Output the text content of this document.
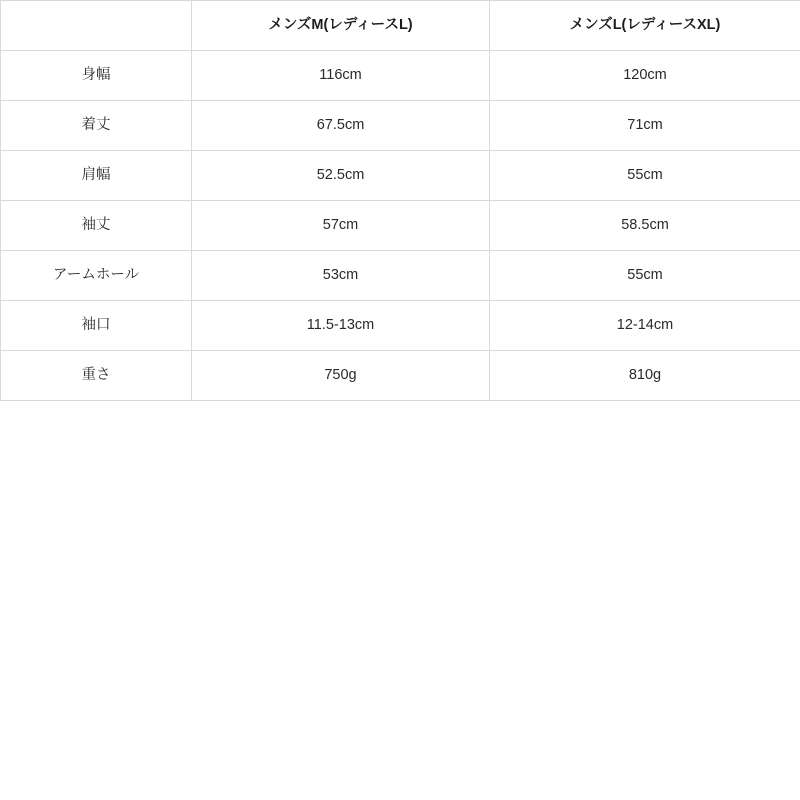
	メンズM(レディースL)	メンズL(レディースXL)
身幅	116cm	120cm
着丈	67.5cm	71cm
肩幅	52.5cm	55cm
袖丈	57cm	58.5cm
アームホール	53cm	55cm
袖口	11.5-13cm	12-14cm
重さ	750g	810g
